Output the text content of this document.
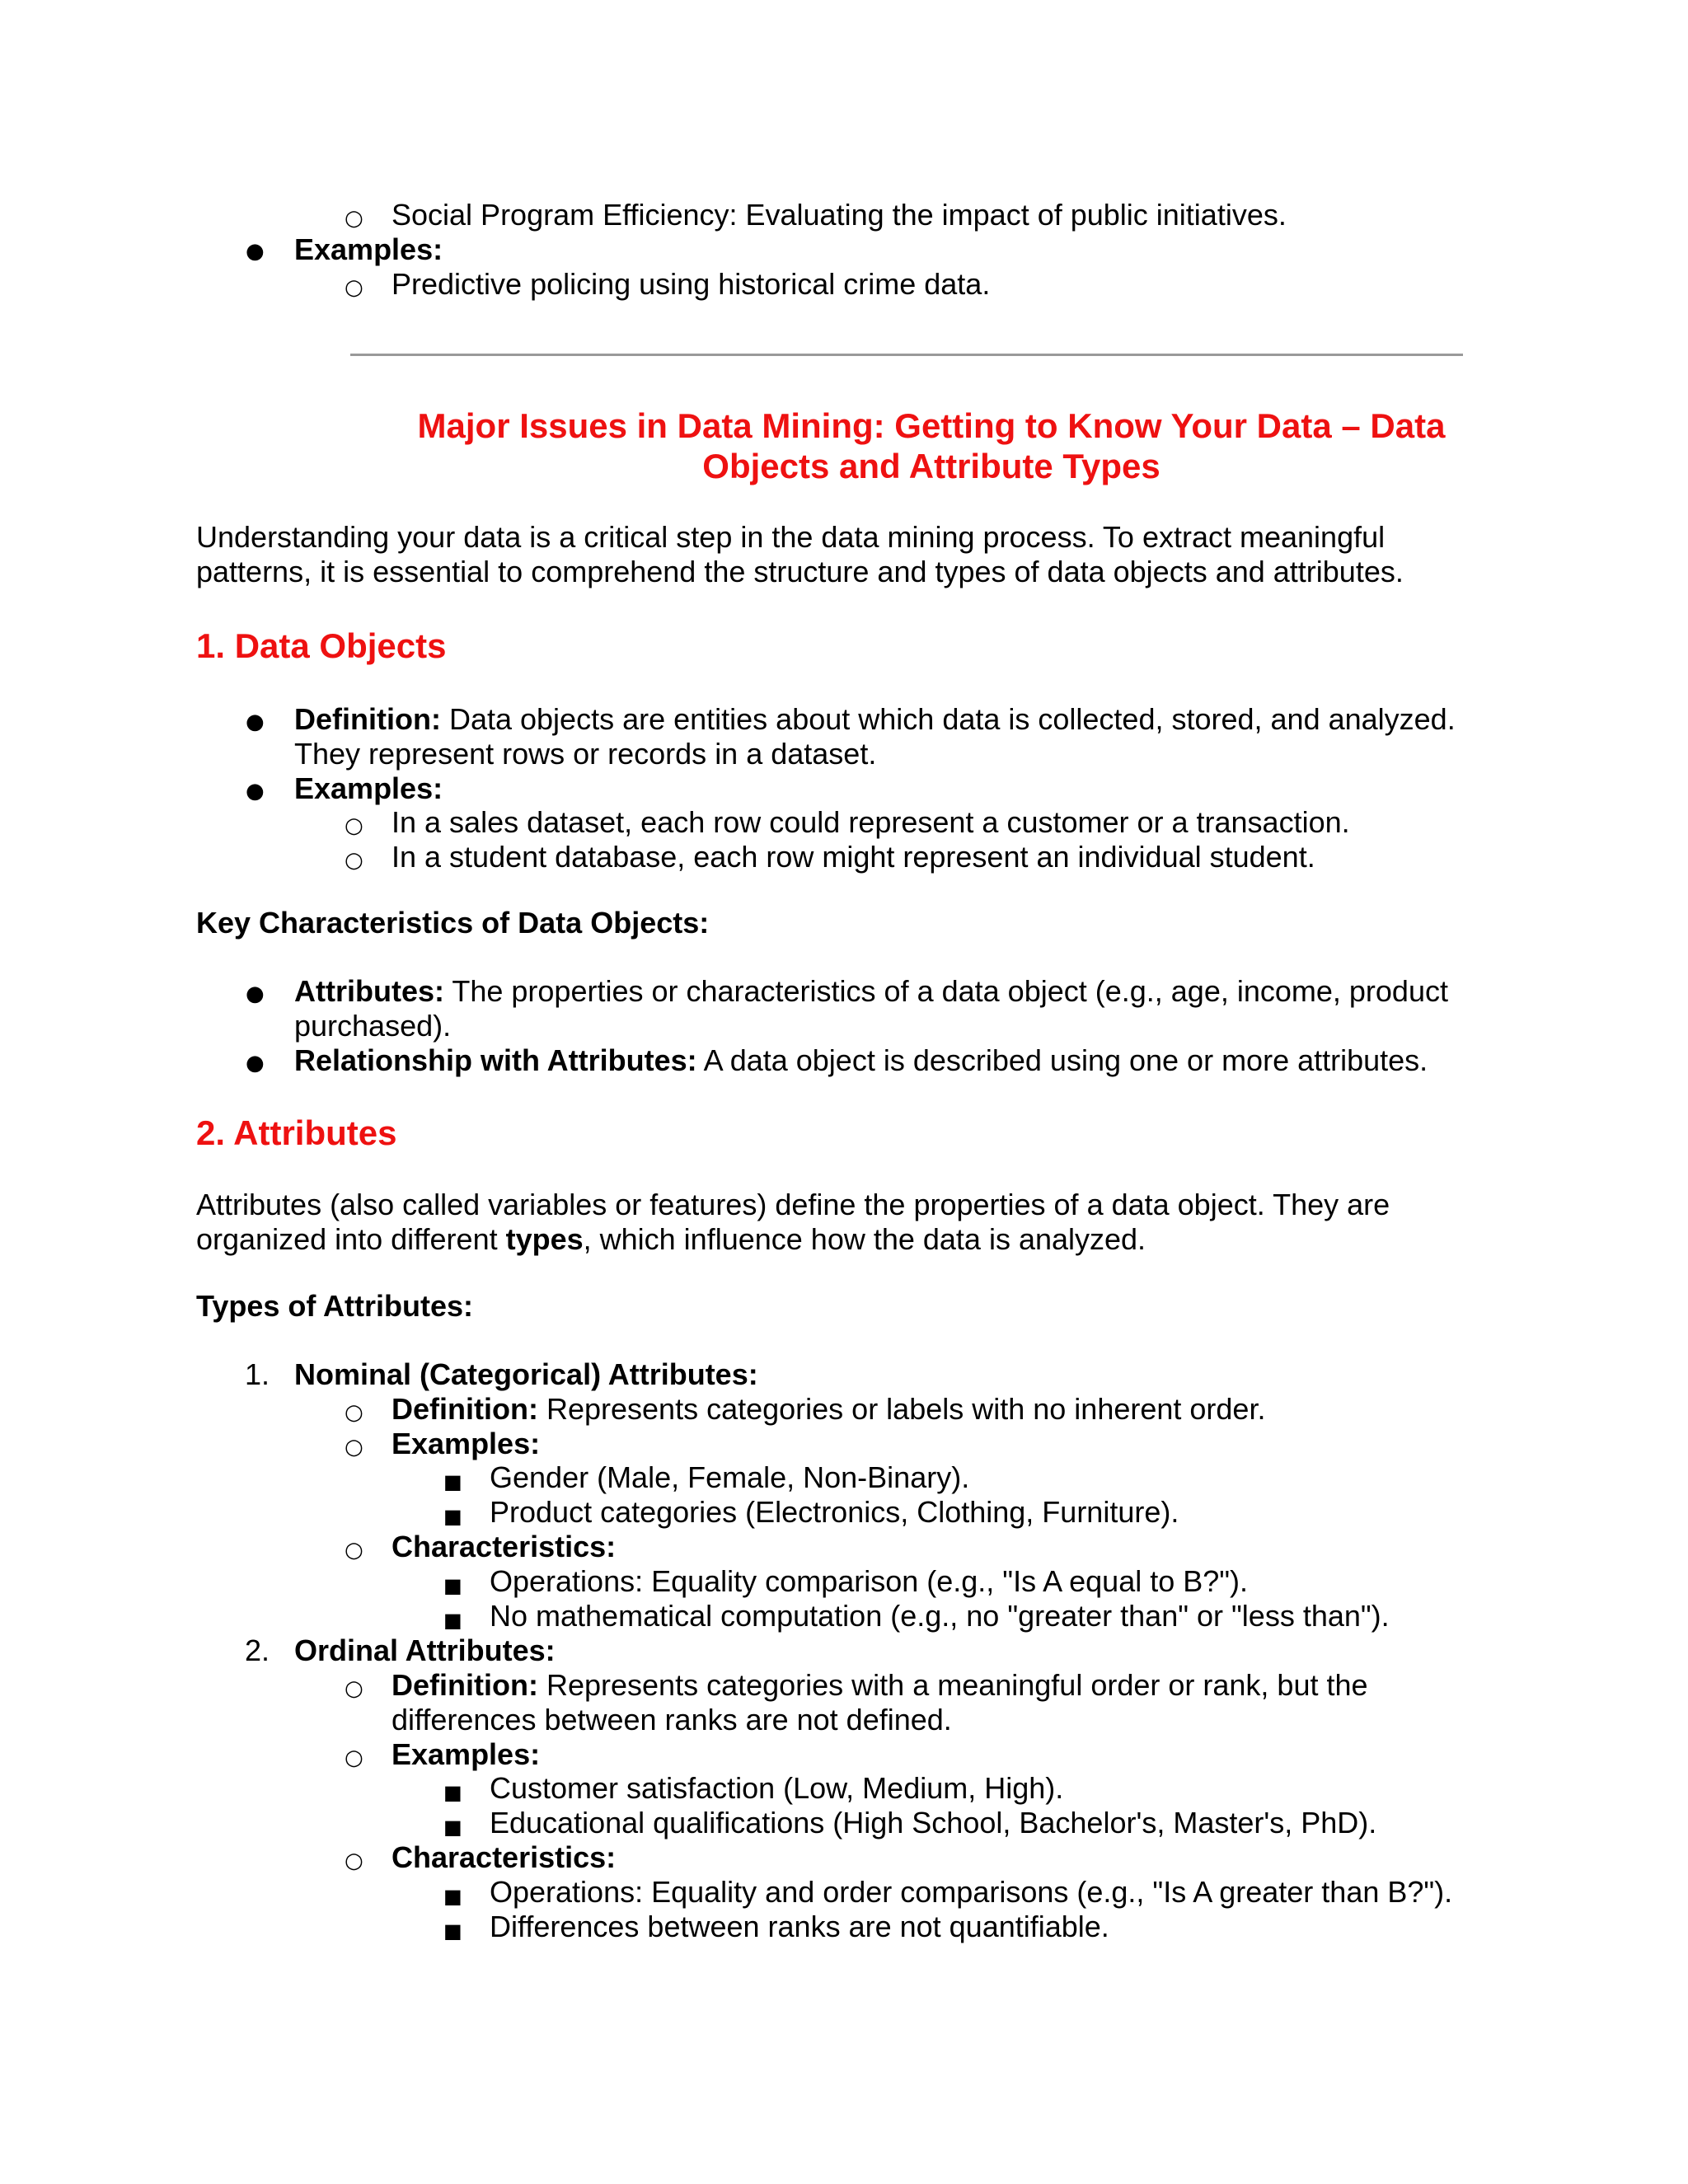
○ Social Program Efficiency: Evaluating the impact of public initiatives.
● Examples:
○ Predictive policing using historical crime data.
Major Issues in Data Mining: Getting to Know Your Data – Data
Objects and Attribute Types
Understanding your data is a critical step in the data mining process. To extract meaningful
patterns, it is essential to comprehend the structure and types of data objects and attributes.
1. Data Objects
● Definition: Data objects are entities about which data is collected, stored, and analyzed.
They represent rows or records in a dataset.
● Examples:
○ In a sales dataset, each row could represent a customer or a transaction.
○ In a student database, each row might represent an individual student.
Key Characteristics of Data Objects:
● Attributes: The properties or characteristics of a data object (e.g., age, income, product
purchased).
● Relationship with Attributes: A data object is described using one or more attributes.
2. Attributes
Attributes (also called variables or features) define the properties of a data object. They are
organized into different types, which influence how the data is analyzed.
Types of Attributes:
1. Nominal (Categorical) Attributes:
○ Definition: Represents categories or labels with no inherent order.
○ Examples:
■ Gender (Male, Female, Non-Binary).
■ Product categories (Electronics, Clothing, Furniture).
○ Characteristics:
■ Operations: Equality comparison (e.g., "Is A equal to B?").
■ No mathematical computation (e.g., no "greater than" or "less than").
2. Ordinal Attributes:
○ Definition: Represents categories with a meaningful order or rank, but the
differences between ranks are not defined.
○ Examples:
■ Customer satisfaction (Low, Medium, High).
■ Educational qualifications (High School, Bachelor's, Master's, PhD).
○ Characteristics:
■ Operations: Equality and order comparisons (e.g., "Is A greater than B?").
■ Differences between ranks are not quantifiable.
